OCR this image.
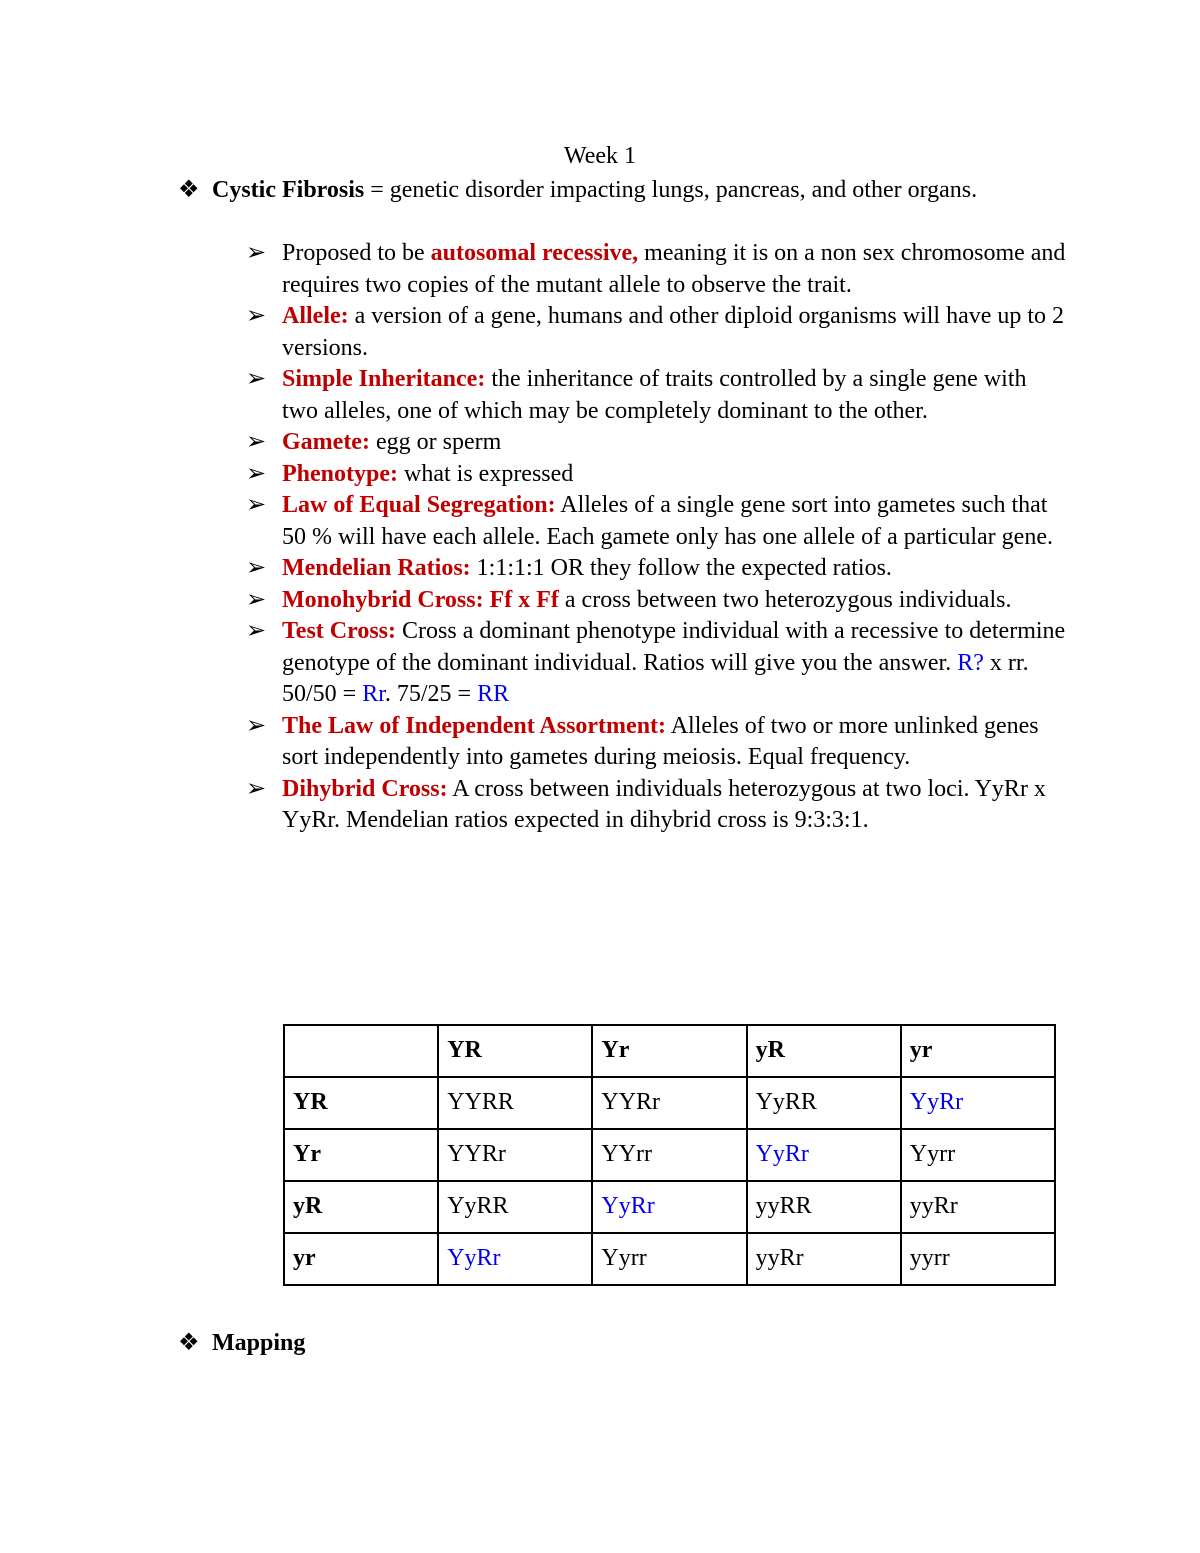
Week 1
❖ Cystic Fibrosis = genetic disorder impacting lungs, pancreas, and other organs.
➢ Proposed to be autosomal recessive, meaning it is on a non sex chromosome and requires two copies of the mutant allele to observe the trait.
➢ Allele: a version of a gene, humans and other diploid organisms will have up to 2 versions.
➢ Simple Inheritance: the inheritance of traits controlled by a single gene with two alleles, one of which may be completely dominant to the other.
➢ Gamete: egg or sperm
➢ Phenotype: what is expressed
➢ Law of Equal Segregation: Alleles of a single gene sort into gametes such that 50 % will have each allele. Each gamete only has one allele of a particular gene.
➢ Mendelian Ratios: 1:1:1:1 OR they follow the expected ratios.
➢ Monohybrid Cross: Ff x Ff a cross between two heterozygous individuals.
➢ Test Cross: Cross a dominant phenotype individual with a recessive to determine genotype of the dominant individual. Ratios will give you the answer. R? x rr. 50/50 = Rr. 75/25 = RR
➢ The Law of Independent Assortment: Alleles of two or more unlinked genes sort independently into gametes during meiosis. Equal frequency.
➢ Dihybrid Cross: A cross between individuals heterozygous at two loci. YyRr x YyRr. Mendelian ratios expected in dihybrid cross is 9:3:3:1.
	YR	Yr	yR	yr
YR	YYRR	YYRr	YyRR	YyRr
Yr	YYRr	YYrr	YyRr	Yyrr
yR	YyRR	YyRr	yyRR	yyRr
yr	YyRr	Yyrr	yyRr	yyrr
❖ Mapping
